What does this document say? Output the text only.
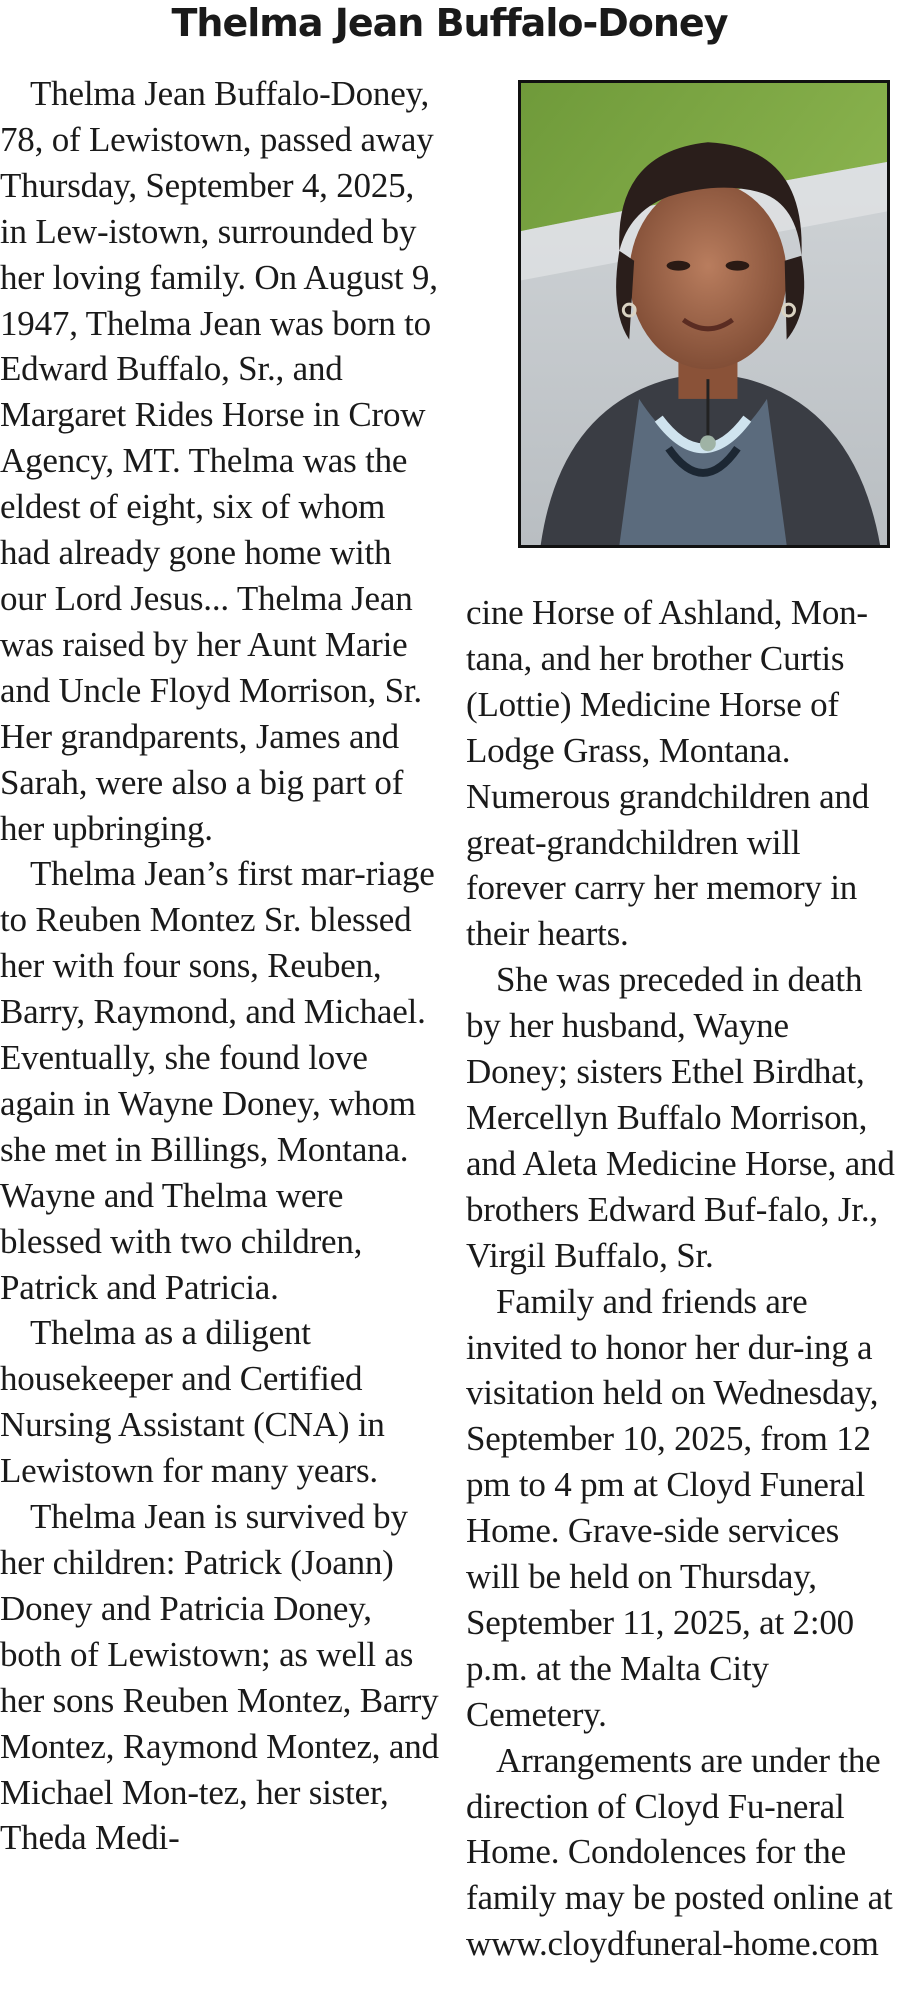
Thelma Jean Buffalo-Doney

Thelma Jean Buffalo-Doney, 78, of Lewistown, passed away Thursday, September 4, 2025, in Lew-istown, surrounded by her loving family. On August 9, 1947, Thelma Jean was born to Edward Buffalo, Sr., and Margaret Rides Horse in Crow Agency, MT. Thelma was the eldest of eight, six of whom had already gone home with our Lord Jesus... Thelma Jean was raised by her Aunt Marie and Uncle Floyd Morrison, Sr. Her grandparents, James and Sarah, were also a big part of her upbringing.

Thelma Jean’s first mar-riage to Reuben Montez Sr. blessed her with four sons, Reuben, Barry, Raymond, and Michael. Eventually, she found love again in Wayne Doney, whom she met in Billings, Montana. Wayne and Thelma were blessed with two children, Patrick and Patricia.

Thelma as a diligent housekeeper and Certified Nursing Assistant (CNA) in Lewistown for many years.

Thelma Jean is survived by her children: Patrick (Joann) Doney and Patricia Doney, both of Lewistown; as well as her sons Reuben Montez, Barry Montez, Raymond Montez, and Michael Mon-tez, her sister, Theda Medi-

cine Horse of Ashland, Mon-tana, and her brother Curtis (Lottie) Medicine Horse of Lodge Grass, Montana. Numerous grandchildren and great-grandchildren will forever carry her memory in their hearts.

She was preceded in death by her husband, Wayne Doney; sisters Ethel Birdhat, Mercellyn Buffalo Morrison, and Aleta Medicine Horse, and brothers Edward Buf-falo, Jr., Virgil Buffalo, Sr.

Family and friends are invited to honor her dur-ing a visitation held on Wednesday, September 10, 2025, from 12 pm to 4 pm at Cloyd Funeral Home. Grave-side services will be held on Thursday, September 11, 2025, at 2:00 p.m. at the Malta City Cemetery.

Arrangements are under the direction of Cloyd Fu-neral Home. Condolences for the family may be posted online at www.cloydfuneral-home.com
